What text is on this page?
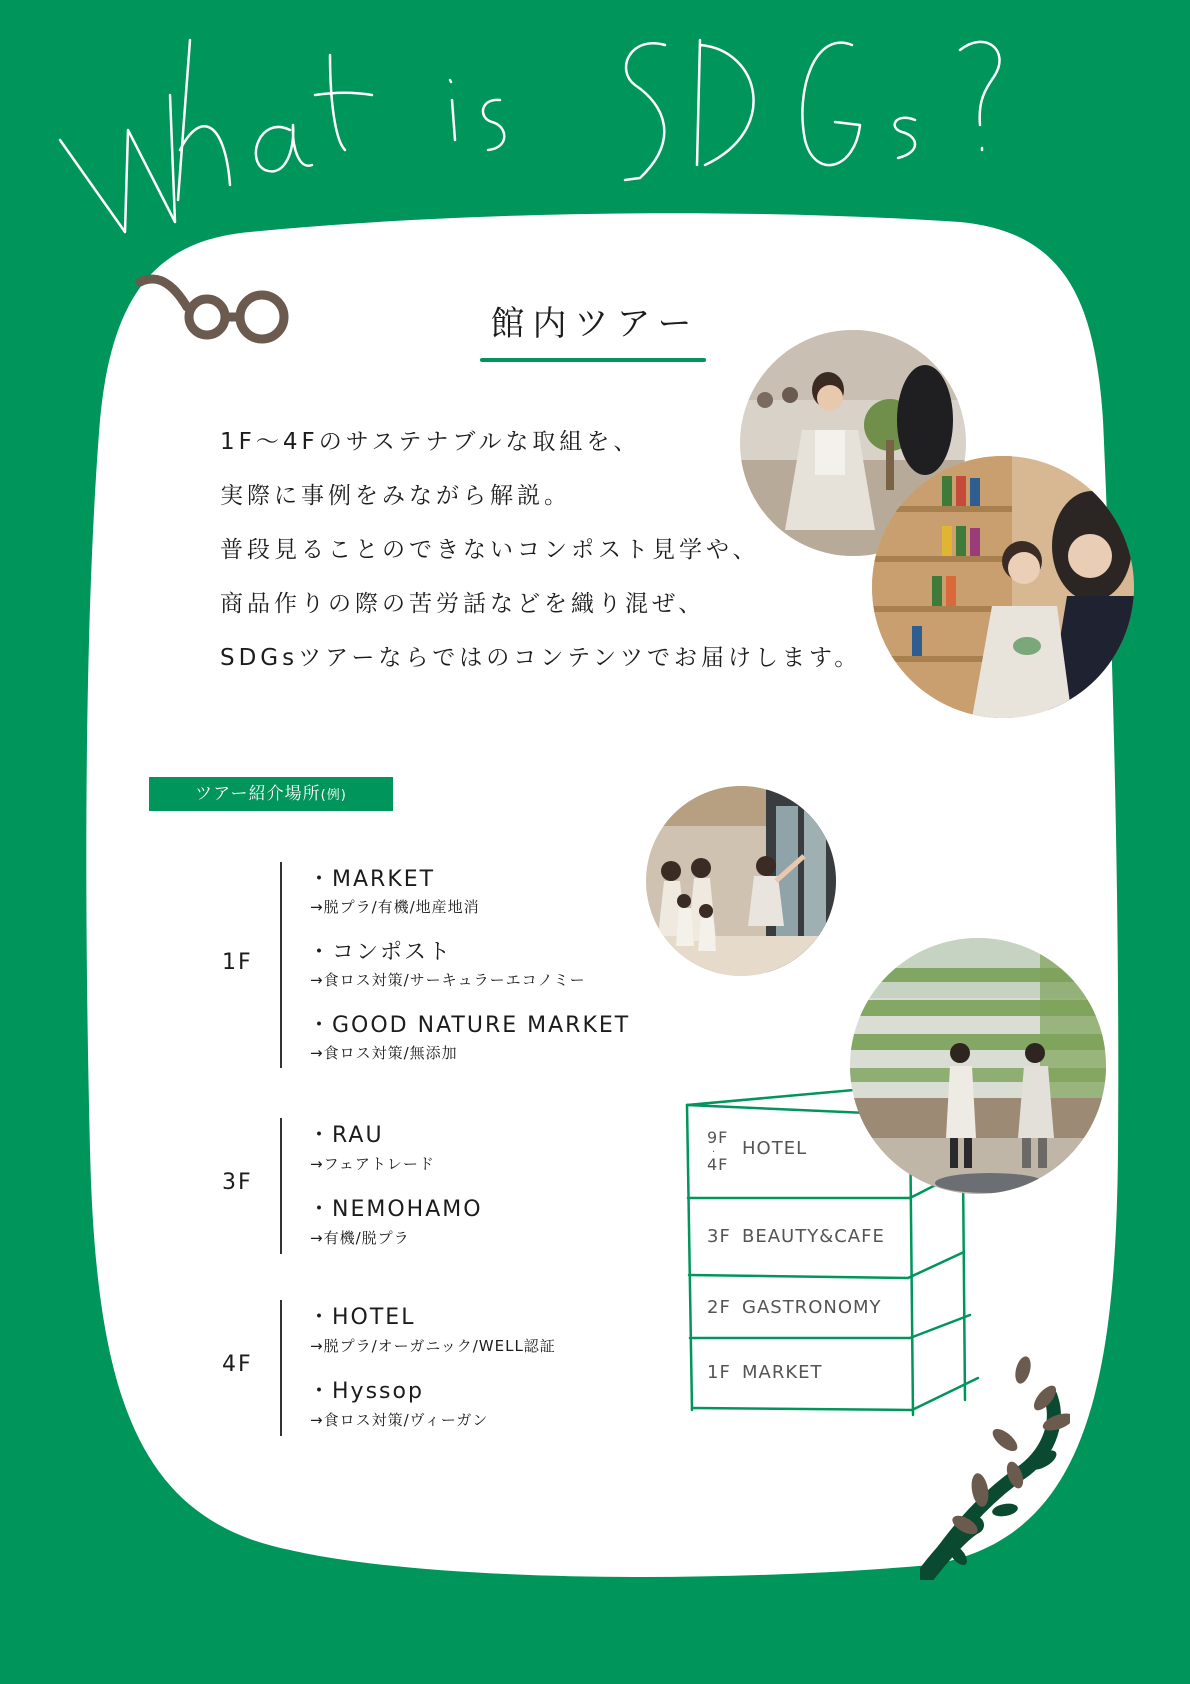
館内ツアー
1F〜4Fのサステナブルな取組を、
実際に事例をみながら解説。
普段見ることのできないコンポスト見学や、
商品作りの際の苦労話などを織り混ぜ、
SDGsツアーならではのコンテンツでお届けします。
ツアー紹介場所(例)
1F
・MARKET
→脱プラ/有機/地産地消
・コンポスト
→食ロス対策/サーキュラーエコノミー
・GOOD NATURE MARKET
→食ロス対策/無添加
3F
・RAU
→フェアトレード
・NEMOHAMO
→有機/脱プラ
4F
・HOTEL
→脱プラ/オーガニック/WELL認証
・Hyssop
→食ロス対策/ヴィーガン
9F
·
4F
HOTEL
3F BEAUTY&CAFE
2F GASTRONOMY
1F MARKET
